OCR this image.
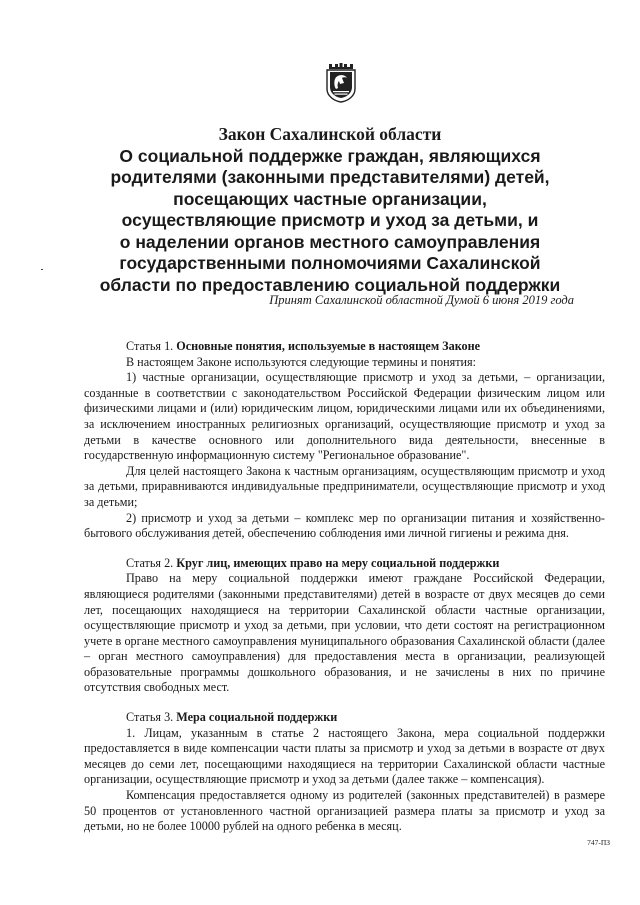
Закон Сахалинской области
О социальной поддержке граждан, являющихся
родителями (законными представителями) детей,
посещающих частные организации,
осуществляющие присмотр и уход за детьми, и
о наделении органов местного самоуправления
государственными полномочиями Сахалинской
области по предоставлению социальной поддержки
Принят Сахалинской областной Думой 6 июня 2019 года
Статья 1. Основные понятия, используемые в настоящем Законе

В настоящем Законе используются следующие термины и понятия:

1) частные организации, осуществляющие присмотр и уход за детьми, – организации, созданные в соответствии с законодательством Российской Федерации физическим лицом или физическими лицами и (или) юридическим лицом, юридическими лицами или их объединениями, за исключением иностранных религиозных организаций, осуществляющие присмотр и уход за детьми в качестве основного или дополнительного вида деятельности, внесенные в государственную информационную систему "Региональное образование".

Для целей настоящего Закона к частным организациям, осуществляющим присмотр и уход за детьми, приравниваются индивидуальные предприниматели, осуществляющие присмотр и уход за детьми;

2) присмотр и уход за детьми – комплекс мер по организации питания и хозяйственно-бытового обслуживания детей, обеспечению соблюдения ими личной гигиены и режима дня.

Статья 2. Круг лиц, имеющих право на меру социальной поддержки

Право на меру социальной поддержки имеют граждане Российской Федерации, являющиеся родителями (законными представителями) детей в возрасте от двух месяцев до семи лет, посещающих находящиеся на территории Сахалинской области частные организации, осуществляющие присмотр и уход за детьми, при условии, что дети состоят на регистрационном учете в органе местного самоуправления муниципального образования Сахалинской области (далее – орган местного самоуправления) для предоставления места в организации, реализующей образовательные программы дошкольного образования, и не зачислены в них по причине отсутствия свободных мест.

Статья 3. Мера социальной поддержки

1. Лицам, указанным в статье 2 настоящего Закона, мера социальной поддержки предоставляется в виде компенсации части платы за присмотр и уход за детьми в возрасте от двух месяцев до семи лет, посещающими находящиеся на территории Сахалинской области частные организации, осуществляющие присмотр и уход за детьми (далее также – компенсация).

Компенсация предоставляется одному из родителей (законных представителей) в размере 50 процентов от установленного частной организацией размера платы за присмотр и уход за детьми, но не более 10000 рублей на одного ребенка в месяц.

747-ПЗ
